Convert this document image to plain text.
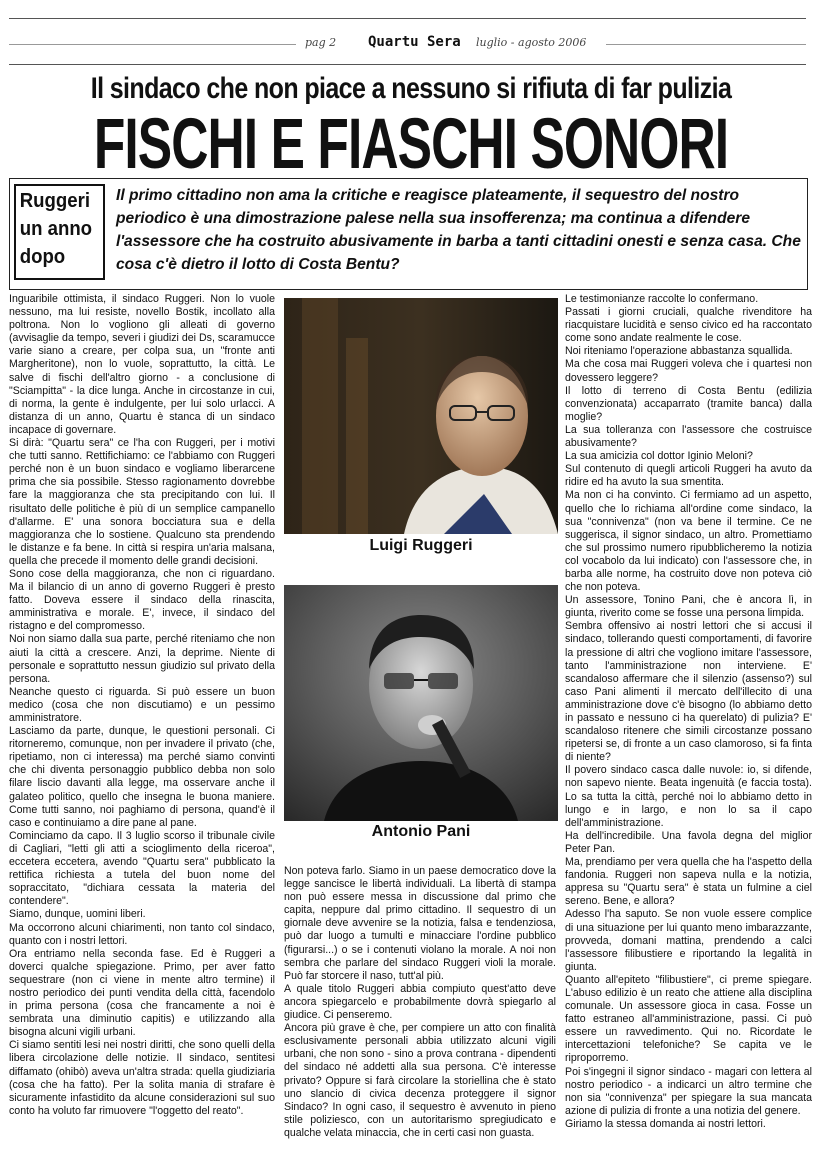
pag 2 Quartu Sera luglio - agosto 2006
Il sindaco che non piace a nessuno si rifiuta di far pulizia
FISCHI E FIASCHI SONORI
Ruggeri
un anno
dopo
Il primo cittadino non ama la critiche e reagisce plateamente, il sequestro del nostro periodico è una dimostrazione palese nella sua insofferenza; ma continua a difendere l'assessore che ha costruito abusivamente in barba a tanti cittadini onesti e senza casa. Che cosa c'è dietro il lotto di Costa Bentu?

Inguaribile ottimista, il sindaco Ruggeri. Non lo vuole nessuno, ma lui resiste, novello Bostik, incollato alla poltrona. Non lo vogliono gli alleati di governo (avvisaglie da tempo, severi i giudizi dei Ds, scaramucce varie siano a creare, per colpa sua, un "fronte anti Margheritone), non lo vuole, soprattutto, la città. Le salve di fischi dell'altro giorno - a conclusione di "Sciampitta" - la dice lunga. Anche in circostanze in cui, di norma, la gente è indulgente, per lui solo urlacci. A distanza di un anno, Quartu è stanca di un sindaco incapace di governare.

Si dirà: "Quartu sera" ce l'ha con Ruggeri, per i motivi che tutti sanno. Rettifichiamo: ce l'abbiamo con Ruggeri perché non è un buon sindaco e vogliamo liberarcene prima che sia possibile. Stesso ragionamento dovrebbe fare la maggioranza che sta precipitando con lui. Il risultato delle politiche è più di un semplice campanello d'allarme. E' una sonora bocciatura sua e della maggioranza che lo sostiene. Qualcuno sta prendendo le distanze e fa bene. In città si respira un'aria malsana, quella che precede il momento delle grandi decisioni.

Sono cose della maggioranza, che non ci riguardano. Ma il bilancio di un anno di governo Ruggeri è presto fatto. Doveva essere il sindaco della rinascita, amministrativa e morale. E', invece, il sindaco del ristagno e del compromesso.

Noi non siamo dalla sua parte, perché riteniamo che non aiuti la città a crescere. Anzi, la deprime. Niente di personale e soprattutto nessun giudizio sul privato della persona.

Neanche questo ci riguarda. Si può essere un buon medico (cosa che non discutiamo) e un pessimo amministratore.

Lasciamo da parte, dunque, le questioni personali. Ci ritorneremo, comunque, non per invadere il privato (che, ripetiamo, non ci interessa) ma perché siamo convinti che chi diventa personaggio pubblico debba non solo filare liscio davanti alla legge, ma osservare anche il galateo politico, quello che insegna le buona maniere. Come tutti sanno, noi paghiamo di persona, quand'è il caso e continuiamo a dire pane al pane.

Cominciamo da capo. Il 3 luglio scorso il tribunale civile di Cagliari, "letti gli atti a scioglimento della riceroa", eccetera eccetera, avendo "Quartu sera" pubblicato la rettifica richiesta a tutela del buon nome del sopraccitato, "dichiara cessata la materia del contendere".

Siamo, dunque, uomini liberi.

Ma occorrono alcuni chiarimenti, non tanto col sindaco, quanto con i nostri lettori.

Ora entriamo nella seconda fase. Ed è Ruggeri a doverci qualche spiegazione. Primo, per aver fatto sequestrare (non ci viene in mente altro termine) il nostro periodico dei punti vendita della città, facendolo in prima persona (cosa che francamente a noi è sembrata una diminutio capitis) e utilizzando alla bisogna alcuni vigili urbani.

Ci siamo sentiti lesi nei nostri diritti, che sono quelli della libera circolazione delle notizie. Il sindaco, sentitesi diffamato (ohibò) aveva un'altra strada: quella giudiziaria (cosa che ha fatto). Per la solita mania di strafare è sicuramente infastidito da alcune considerazioni sul suo conto ha voluto far rimuovere "l'oggetto del reato".

Luigi Ruggeri
Antonio Pani

Non poteva farlo. Siamo in un paese democratico dove la legge sancisce le libertà individuali. La libertà di stampa non può essere messa in discussione dal primo che capita, neppure dal primo cittadino. Il sequestro di un giornale deve avvenire se la notizia, falsa e tendenziosa, può dar luogo a tumulti e minacciare l'ordine pubblico (figurarsi...) o se i contenuti violano la morale. A noi non sembra che parlare del sindaco Ruggeri violi la morale. Può far storcere il naso, tutt'al più.

A quale titolo Ruggeri abbia compiuto quest'atto deve ancora spiegarcelo e probabilmente dovrà spiegarlo al giudice. Ci penseremo.

Ancora più grave è che, per compiere un atto con finalità esclusivamente personali abbia utilizzato alcuni vigili urbani, che non sono - sino a prova contrana - dipendenti del sindaco né addetti alla sua persona. C'è interesse privato? Oppure si farà circolare la storiellina che è stato uno slancio di civica decenza proteggere il signor Sindaco? In ogni caso, il sequestro è avvenuto in pieno stile poliziesco, con un autoritarismo spregiudicato e qualche velata minaccia, che in certi casi non guasta.

Le testimonianze raccolte lo confermano.

Passati i giorni cruciali, qualche rivenditore ha riacquistare lucidità e senso civico ed ha raccontato come sono andate realmente le cose.

Noi riteniamo l'operazione abbastanza squallida.

Ma che cosa mai Ruggeri voleva che i quartesi non dovessero leggere?

Il lotto di terreno di Costa Bentu (edilizia convenzionata) accaparrato (tramite banca) dalla moglie?

La sua tolleranza con l'assessore che costruisce abusivamente?

La sua amicizia col dottor Iginio Meloni?

Sul contenuto di quegli articoli Ruggeri ha avuto da ridire ed ha avuto la sua smentita.

Ma non ci ha convinto. Ci fermiamo ad un aspetto, quello che lo richiama all'ordine come sindaco, la sua "connivenza" (non va bene il termine. Ce ne suggerisca, il signor sindaco, un altro. Promettiamo che sul prossimo numero ripubblicheremo la notizia col vocabolo da lui indicato) con l'assessore che, in barba alle norme, ha costruito dove non poteva ciò che non poteva.

Un assessore, Tonino Pani, che è ancora lì, in giunta, riverito come se fosse una persona limpida.

Sembra offensivo ai nostri lettori che si accusi il sindaco, tollerando questi comportamenti, di favorire la pressione di altri che vogliono imitare l'assessore, tanto l'amministrazione non interviene. E' scandaloso affermare che il silenzio (assenso?) sul caso Pani alimenti il mercato dell'illecito di una amministrazione dove c'è bisogno (lo abbiamo detto in passato e nessuno ci ha querelato) di pulizia? E' scandaloso ritenere che simili circostanze possano ripetersi se, di fronte a un caso clamoroso, si fa finta di niente?

Il povero sindaco casca dalle nuvole: io, si difende, non sapevo niente. Beata ingenuità (e faccia tosta). Lo sa tutta la città, perché noi lo abbiamo detto in lungo e in largo, e non lo sa il capo dell'amministrazione.

Ha dell'incredibile. Una favola degna del miglior Peter Pan.

Ma, prendiamo per vera quella che ha l'aspetto della fandonia. Ruggeri non sapeva nulla e la notizia, appresa su "Quartu sera" è stata un fulmine a ciel sereno. Bene, e allora?

Adesso l'ha saputo. Se non vuole essere complice di una situazione per lui quanto meno imbarazzante, provveda, domani mattina, prendendo a calci l'assessore filibustiere e riportando la legalità in giunta.

Quanto all'epiteto "filibustiere", ci preme spiegare. L'abuso edilizio è un reato che attiene alla disciplina comunale. Un assessore gioca in casa. Fosse un fatto estraneo all'amministrazione, passi. Ci può essere un ravvedimento. Qui no. Ricordate le intercettazioni telefoniche? Se capita ve le riproporremo.

Poi s'ingegni il signor sindaco - magari con lettera al nostro periodico - a indicarci un altro termine che non sia "connivenza" per spiegare la sua mancata azione di pulizia di fronte a una notizia del genere.

Giriamo la stessa domanda ai nostri lettori.
